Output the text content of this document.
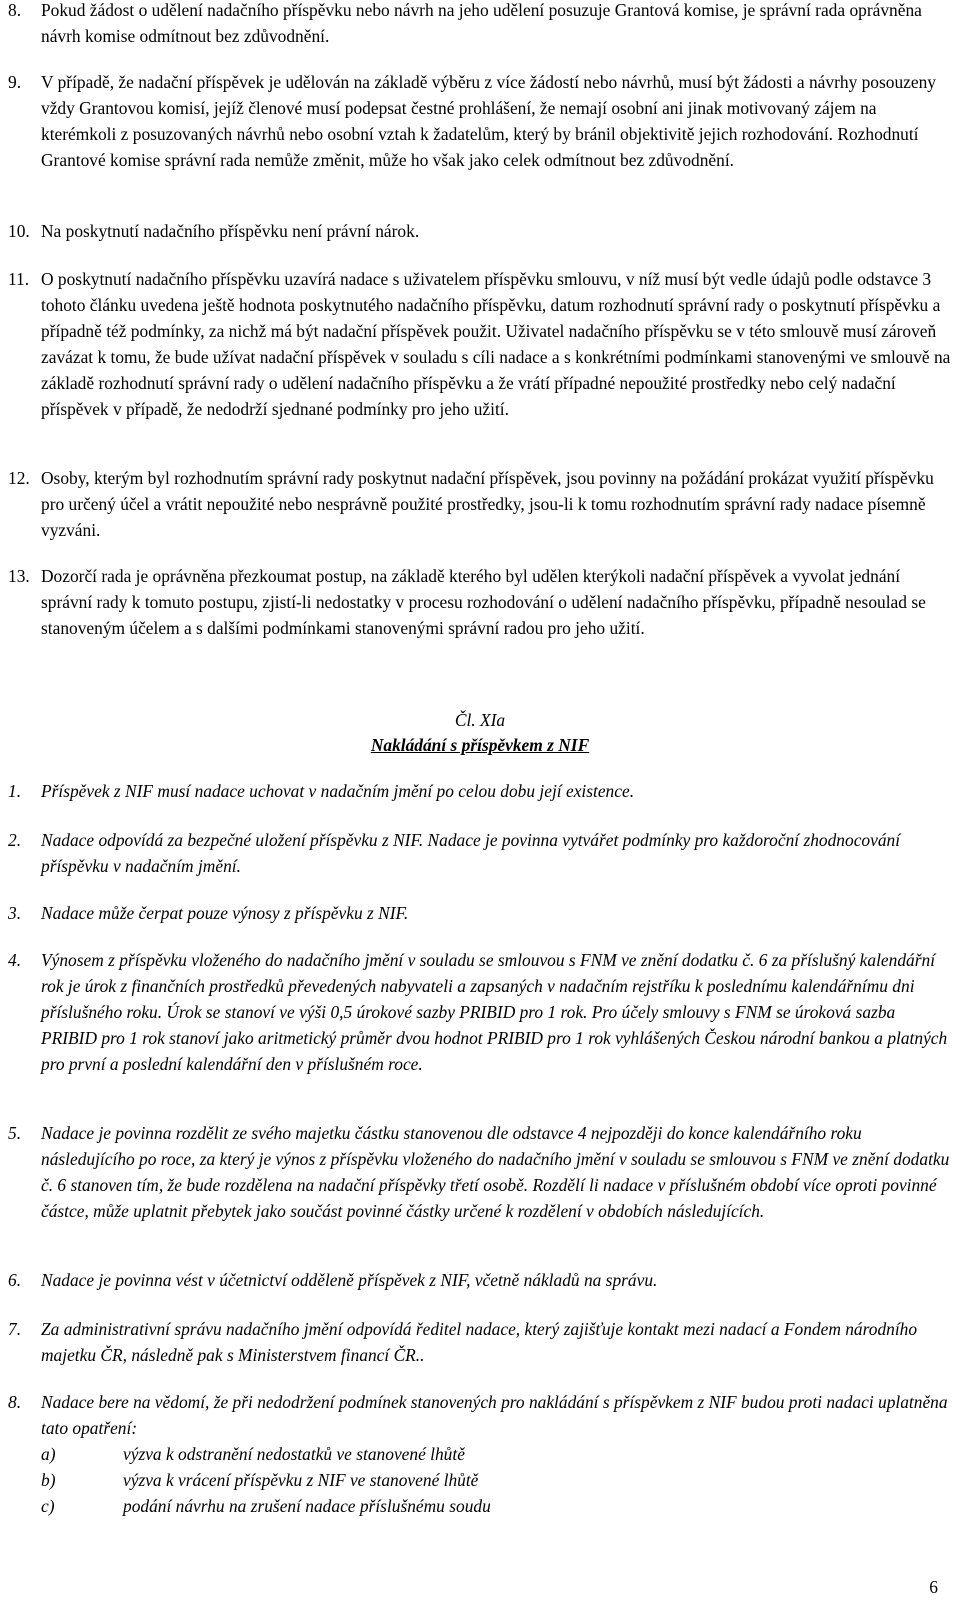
8. Pokud žádost o udělení nadačního příspěvku nebo návrh na jeho udělení posuzuje Grantová komise, je správní rada oprávněna návrh komise odmítnout bez zdůvodnění.
9. V případě, že nadační příspěvek je udělován na základě výběru z více žádostí nebo návrhů, musí být žádosti a návrhy posouzeny vždy Grantovou komisí, jejíž členové musí podepsat čestné prohlášení, že nemají osobní ani jinak motivovaný zájem na kterémkoli z posuzovaných návrhů nebo osobní vztah k žadatelům, který by bránil objektivitě jejich rozhodování. Rozhodnutí Grantové komise správní rada nemůže změnit, může ho však jako celek odmítnout bez zdůvodnění.
10. Na poskytnutí nadačního příspěvku není právní nárok.
11. O poskytnutí nadačního příspěvku uzavírá nadace s uživatelem příspěvku smlouvu, v níž musí být vedle údajů podle odstavce 3 tohoto článku uvedena ještě hodnota poskytnutého nadačního příspěvku, datum rozhodnutí správní rady o poskytnutí příspěvku a případně též podmínky, za nichž má být nadační příspěvek použit. Uživatel nadačního příspěvku se v této smlouvě musí zároveň zavázat k tomu, že bude užívat nadační příspěvek v souladu s cíli nadace a s konkrétními podmínkami stanovenými ve smlouvě na základě rozhodnutí správní rady o udělení nadačního příspěvku a že vrátí případné nepoužité prostředky nebo celý nadační příspěvek v případě, že nedodrží sjednané podmínky pro jeho užití.
12. Osoby, kterým byl rozhodnutím správní rady poskytnut nadační příspěvek, jsou povinny na požádání prokázat využití příspěvku pro určený účel a vrátit nepoužité nebo nesprávně použité prostředky, jsou-li k tomu rozhodnutím správní rady nadace písemně vyzváni.
13. Dozorčí rada je oprávněna přezkoumat postup, na základě kterého byl udělen kterýkoli nadační příspěvek a vyvolat jednání správní rady k tomuto postupu, zjistí-li nedostatky v procesu rozhodování o udělení nadačního příspěvku, případně nesoulad se stanoveným účelem a s dalšími podmínkami stanovenými správní radou pro jeho užití.
Čl. XIa
Nakládání s příspěvkem z NIF
1. Příspěvek z NIF musí nadace uchovat v nadačním jmění po celou dobu její existence.
2. Nadace odpovídá za bezpečné uložení příspěvku z NIF. Nadace je povinna vytvářet podmínky pro každoroční zhodnocování příspěvku v nadačním jmění.
3. Nadace může čerpat pouze výnosy z příspěvku z NIF.
4. Výnosem z příspěvku vloženého do nadačního jmění v souladu se smlouvou s FNM ve znění dodatku č. 6 za příslušný kalendářní rok je úrok z finančních prostředků převedených nabyvateli a zapsaných v nadačním rejstříku k poslednímu kalendářnímu dni příslušného roku. Úrok se stanoví ve výši 0,5 úrokové sazby PRIBID pro 1 rok. Pro účely smlouvy s FNM se úroková sazba PRIBID pro 1 rok stanoví jako aritmetický průměr dvou hodnot PRIBID pro 1 rok vyhlášených Českou národní bankou a platných pro první a poslední kalendářní den v příslušném roce.
5. Nadace je povinna rozdělit ze svého majetku částku stanovenou dle odstavce 4 nejpozději do konce kalendářního roku následujícího po roce, za který je výnos z příspěvku vloženého do nadačního jmění v souladu se smlouvou s FNM ve znění dodatku č. 6 stanoven tím, že bude rozdělena na nadační příspěvky třetí osobě. Rozdělí li nadace v příslušném období více oproti povinné částce, může uplatnit přebytek jako součást povinné částky určené k rozdělení v obdobích následujících.
6. Nadace je povinna vést v účetnictví odděleně příspěvek z NIF, včetně nákladů na správu.
7. Za administrativní správu nadačního jmění odpovídá ředitel nadace, který zajišťuje kontakt mezi nadací a Fondem národního majetku ČR, následně pak s Ministerstvem financí ČR..
8. Nadace bere na vědomí, že při nedodržení podmínek stanovených pro nakládání s příspěvkem z NIF budou proti nadaci uplatněna tato opatření:
a)	výzva k odstranění nedostatků ve stanovené lhůtě
b)	výzva k vrácení příspěvku z NIF ve stanovené lhůtě
c)	podání návrhu na zrušení nadace příslušnému soudu
6
